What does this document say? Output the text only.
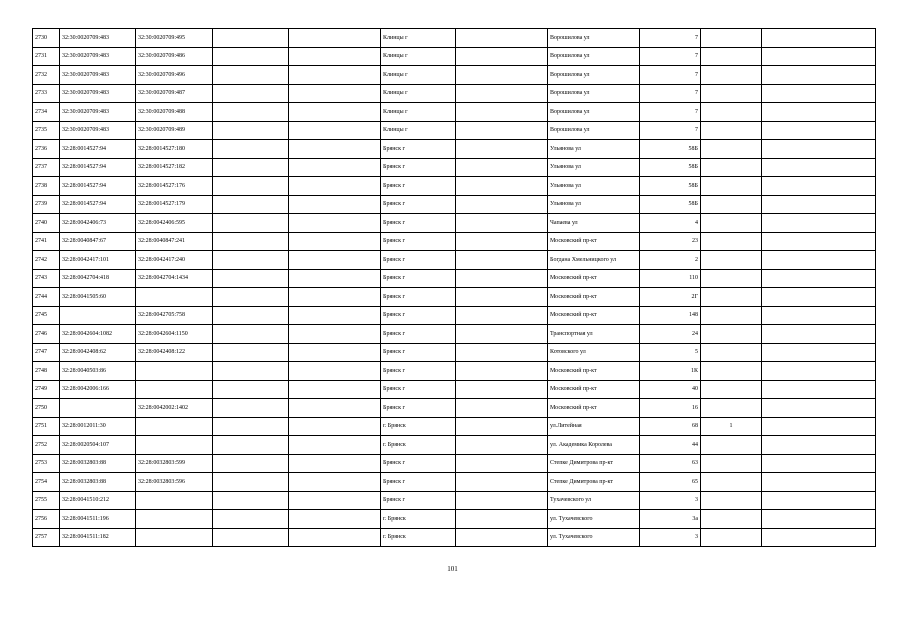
2730	32:30:0020709:483	32:30:0020709:495			Клинцы г		Ворошилова ул	7		
2731	32:30:0020709:483	32:30:0020709:486			Клинцы г		Ворошилова ул	7		
2732	32:30:0020709:483	32:30:0020709:496			Клинцы г		Ворошилова ул	7		
2733	32:30:0020709:483	32:30:0020709:487			Клинцы г		Ворошилова ул	7		
2734	32:30:0020709:483	32:30:0020709:488			Клинцы г		Ворошилова ул	7		
2735	32:30:0020709:483	32:30:0020709:489			Клинцы г		Ворошилова ул	7		
2736	32:28:0014527:94	32:28:0014527:180			Брянск г		Ульянова ул	58Б		
2737	32:28:0014527:94	32:28:0014527:182			Брянск г		Ульянова ул	58Б		
2738	32:28:0014527:94	32:28:0014527:176			Брянск г		Ульянова ул	58Б		
2739	32:28:0014527:94	32:28:0014527:179			Брянск г		Ульянова ул	58Б		
2740	32:28:0042406:73	32:28:0042406:595			Брянск г		Чапаева ул	4		
2741	32:28:0040847:67	32:28:0040847:241			Брянск г		Московский пр-кт	23		
2742	32:28:0042417:101	32:28:0042417:240			Брянск г		Богдана Хмельницкого ул	2		
2743	32:28:0042704:418	32:28:0042704:1434			Брянск г		Московский пр-кт	110		
2744	32:28:0041505:60				Брянск г		Московский пр-кт	2Г		
2745		32:28:0042705:758			Брянск г		Московский пр-кт	148		
2746	32:28:0042604:1082	32:28:0042604:1150			Брянск г		Транспортная ул	24		
2747	32:28:0042408:62	32:28:0042408:122			Брянск г		Котовского ул	5		
2748	32:28:0040503:86				Брянск г		Московский пр-кт	1К		
2749	32:28:0042006:166				Брянск г		Московский пр-кт	40		
2750		32:28:0042002:1402			Брянск г		Московский пр-кт	16		
2751	32:28:0012011:30				г. Брянск		ул.Литейная	68	1	
2752	32:28:0020504:107				г. Брянск		ул. Академика Королева	44		
2753	32:28:0032803:88	32:28:0032803:599			Брянск г		Степке Димитрова пр-кт	63		
2754	32:28:0032803:88	32:28:0032803:596			Брянск г		Степке Димитрова пр-кт	65		
2755	32:28:0041510:212				Брянск г		Тухачевского ул	3		
2756	32:28:0041511:196				г. Брянск		ул. Тухачевского	3а		
2757	32:28:0041511:182				г. Брянск		ул. Тухачевского	3		
101
